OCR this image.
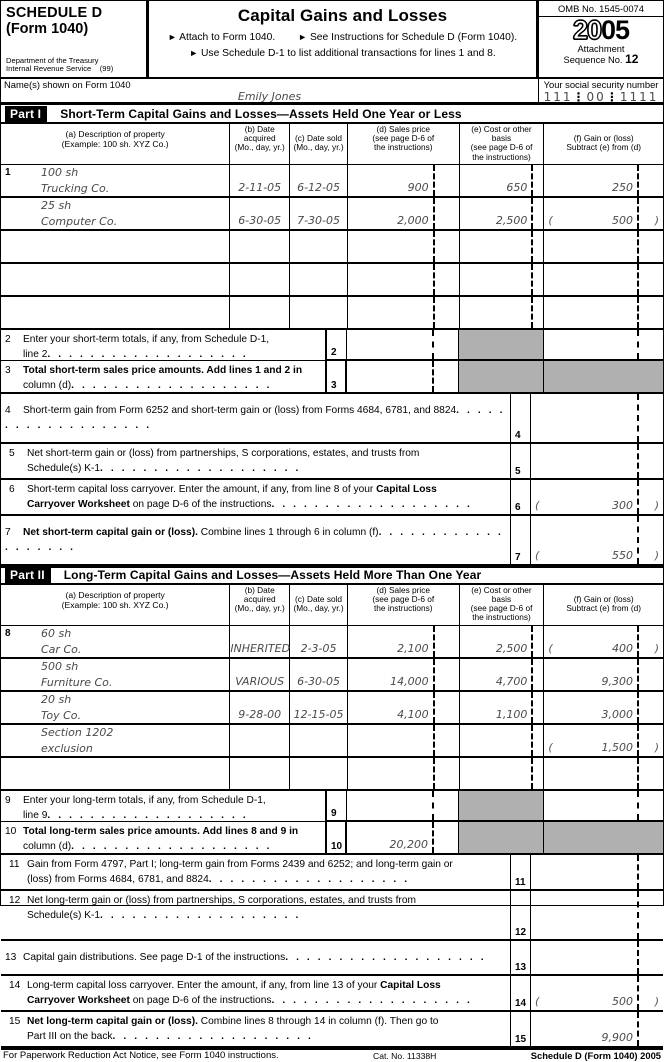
SCHEDULE D
(Form 1040)
Department of the Treasury
Internal Revenue Service (99)
Capital Gains and Losses
► Attach to Form 1040.	► See Instructions for Schedule D (Form 1040).
► Use Schedule D-1 to list additional transactions for lines 1 and 8.
OMB No. 1545-0074
2005
Attachment
Sequence No. 12
Name(s) shown on Form 1040
Emily Jones
Your social security number
111⋮00⋮1111
Part I	Short-Term Capital Gains and Losses—Assets Held One Year or Less
(a) Description of property
(Example: 100 sh. XYZ Co.)
(b) Date
acquired
(Mo., day, yr.)

(c) Date sold
(Mo., day, yr.)
(d) Sales price
(see page D-6 of
the instructions)
(e) Cost or other basis
(see page D-6 of
the instructions)

(f) Gain or (loss)
Subtract (e) from (d)
1	100 sh
Trucking Co.	2-11-05	6-12-05	900	650	250
25 sh
Computer Co.	6-30-05	7-30-05	2,000	2,500 (	500 )
2 Enter your short-term totals, if any, from Schedule D-1,
line 2. . . . . . . . . . . . . . . . . . .
3 Total short-term sales price amounts. Add lines 1 and 2 in
column (d). . . . . . . . . . . . . . . . . . .
2
3
4 Short-term gain from Form 6252 and short-term gain or (loss) from Forms 4684, 6781, and 8824. . . . . . . . . . . . . . . . . . .
4
5 Net short-term gain or (loss) from partnerships, S corporations, estates, and trusts from
Schedule(s) K-1. . . . . . . . . . . . . . . . . . .	5
6 Short-term capital loss carryover. Enter the amount, if any, from line 8 of your Capital Loss
Carryover Worksheet on page D-6 of the instructions. . . . . . . . . . . . . . . . . . .	6 (	300 )
7 Net short-term capital gain or (loss). Combine lines 1 through 6 in column (f). . . . . . . . . . . . . . . . . . .
7 (	550 )
Part II	Long-Term Capital Gains and Losses—Assets Held More Than One Year
(a) Description of property
(Example: 100 sh. XYZ Co.)
(b) Date
acquired
(Mo., day, yr.)

(c) Date sold
(Mo., day, yr.)
(d) Sales price
(see page D-6 of
the instructions)
(e) Cost or other basis
(see page D-6 of
the instructions)

(f) Gain or (loss)
Subtract (e) from (d)
8	60 sh
Car Co.	INHERITED 2-3-05	2,100	2,500 (	400 )
500 sh
Furniture Co.	VARIOUS	6-30-05	14,000	4,700	9,300
20 sh
Toy Co.	9-28-00	12-15-05	4,100	1,100	3,000
Section 1202
exclusion	(	1,500 )
9 Enter your long-term totals, if any, from Schedule D-1,
line 9. . . . . . . . . . . . . . . . . . .
10 Total long-term sales price amounts. Add lines 8 and 9 in
column (d). . . . . . . . . . . . . . . . . . .
9
10	20,200
11 Gain from Form 4797, Part I; long-term gain from Forms 2439 and 6252; and long-term gain or
(loss) from Forms 4684, 6781, and 8824. . . . . . . . . . . . . . . . . . .	11
12 Net long-term gain or (loss) from partnerships, S corporations, estates, and trusts from
Schedule(s) K-1. . . . . . . . . . . . . . . . . . .
12
13 Capital gain distributions. See page D-1 of the instructions. . . . . . . . . . . . . . . . . . .
13
14 Long-term capital loss carryover. Enter the amount, if any, from line 13 of your Capital Loss
Carryover Worksheet on page D-6 of the instructions. . . . . . . . . . . . . . . . . . .	14 (	500 )
15 Net long-term capital gain or (loss). Combine lines 8 through 14 in column (f). Then go to
Part III on the back. . . . . . . . . . . . . . . . . . .	15	9,900
For Paperwork Reduction Act Notice, see Form 1040 instructions.	Cat. No. 11338H	Schedule D (Form 1040) 2005
